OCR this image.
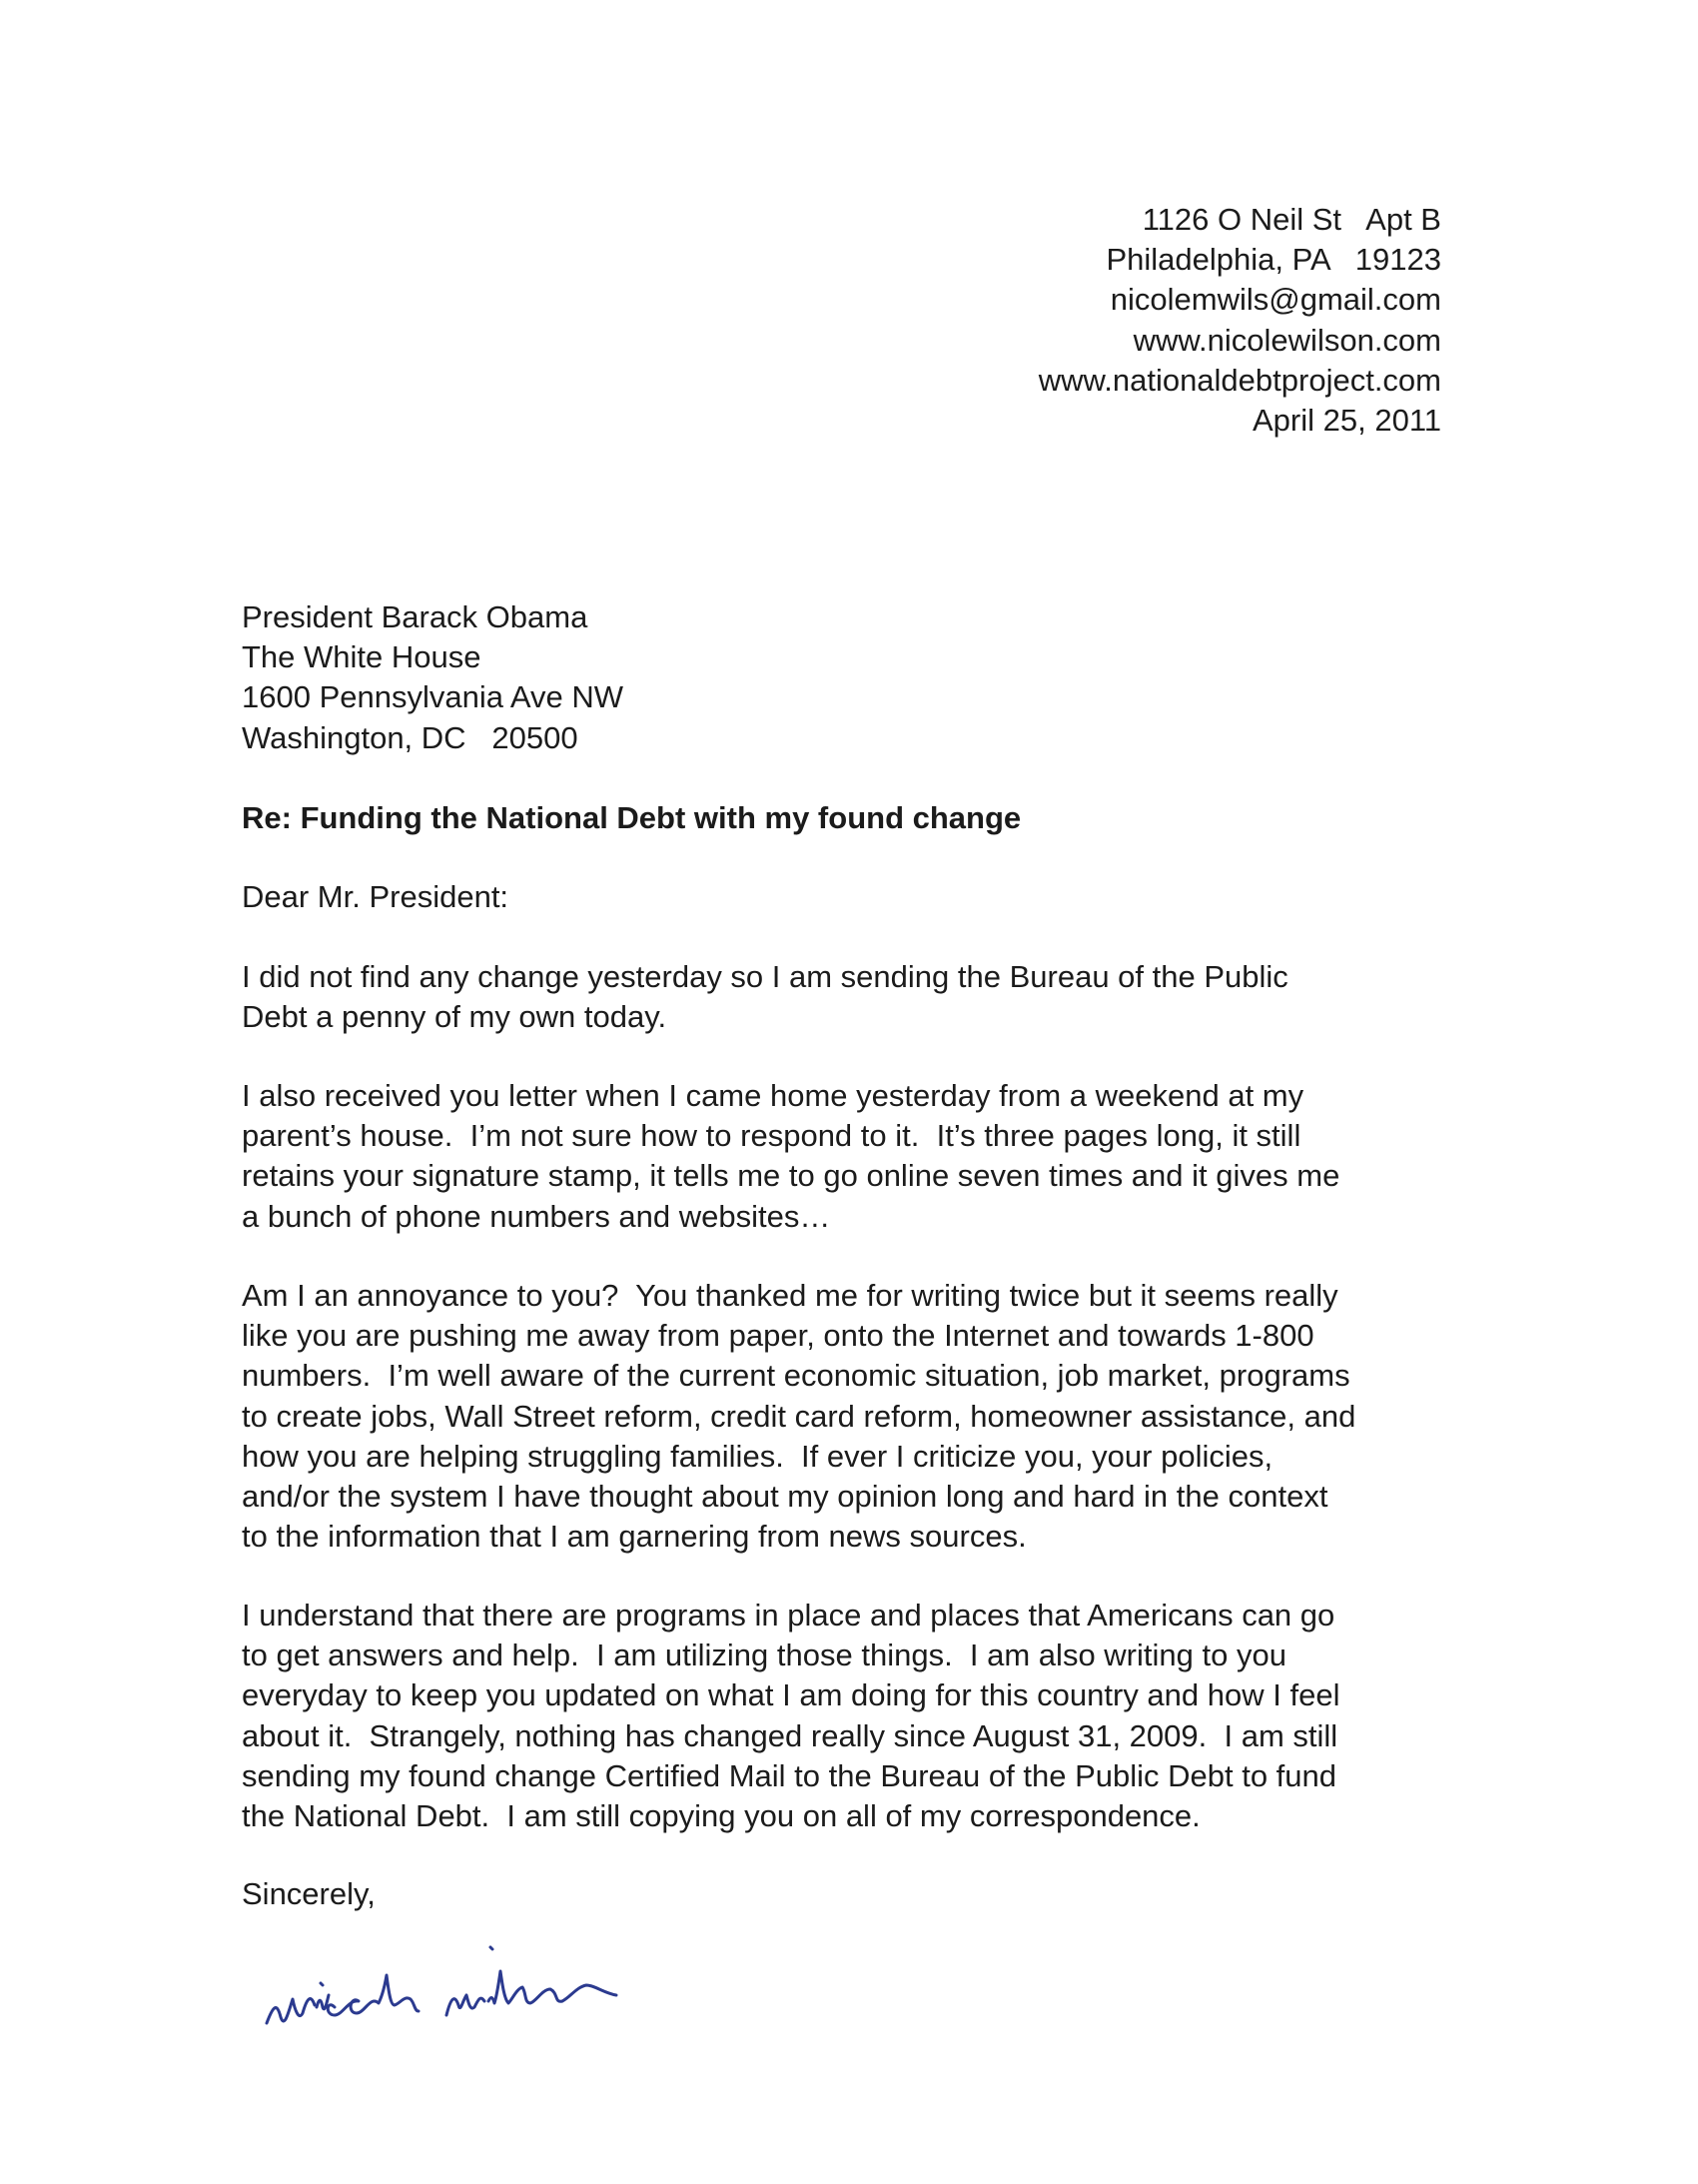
1126 O Neil St   Apt B
Philadelphia, PA   19123
nicolemwils@gmail.com
www.nicolewilson.com
www.nationaldebtproject.com
April 25, 2011
President Barack Obama
The White House
1600 Pennsylvania Ave NW
Washington, DC   20500
Re: Funding the National Debt with my found change
Dear Mr. President:
I did not find any change yesterday so I am sending the Bureau of the Public
Debt a penny of my own today.
I also received you letter when I came home yesterday from a weekend at my
parent’s house.  I’m not sure how to respond to it.  It’s three pages long, it still
retains your signature stamp, it tells me to go online seven times and it gives me
a bunch of phone numbers and websites…
Am I an annoyance to you?  You thanked me for writing twice but it seems really
like you are pushing me away from paper, onto the Internet and towards 1-800
numbers.  I’m well aware of the current economic situation, job market, programs
to create jobs, Wall Street reform, credit card reform, homeowner assistance, and
how you are helping struggling families.  If ever I criticize you, your policies,
and/or the system I have thought about my opinion long and hard in the context
to the information that I am garnering from news sources.
I understand that there are programs in place and places that Americans can go
to get answers and help.  I am utilizing those things.  I am also writing to you
everyday to keep you updated on what I am doing for this country and how I feel
about it.  Strangely, nothing has changed really since August 31, 2009.  I am still
sending my found change Certified Mail to the Bureau of the Public Debt to fund
the National Debt.  I am still copying you on all of my correspondence.
Sincerely,
